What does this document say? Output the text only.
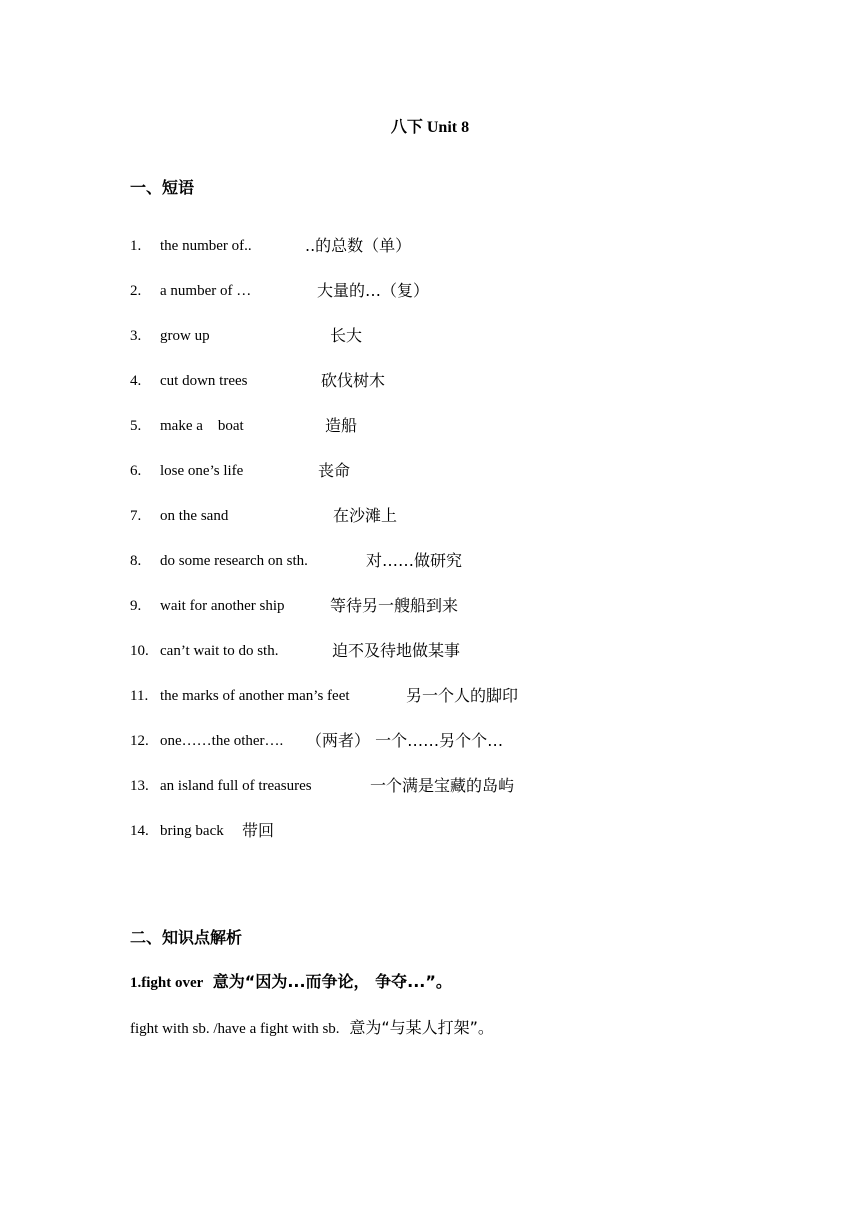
八下 Unit 8
一、短语
1. the number of..	..的总数（单）
2. a number of …	大量的…（复）
3. grow up	长大
4. cut down trees	砍伐树木
5. make a    boat	造船
6. lose one’s life	丧命
7. on the sand	在沙滩上
8. do some research on sth.	对……做研究
9. wait for another ship	等待另一艘船到来
10. can’t wait to do sth.	迫不及待地做某事
11. the marks of another man’s feet	另一个人的脚印
12. one……the other…. （两者） 一个……另个个…
13. an island full of treasures	一个满是宝藏的岛屿
14. bring back 带回
二、知识点解析
1.fight over 意为“因为...而争论， 争夺...”。
fight with sb. /have a fight with sb. 意为“与某人打架”。
